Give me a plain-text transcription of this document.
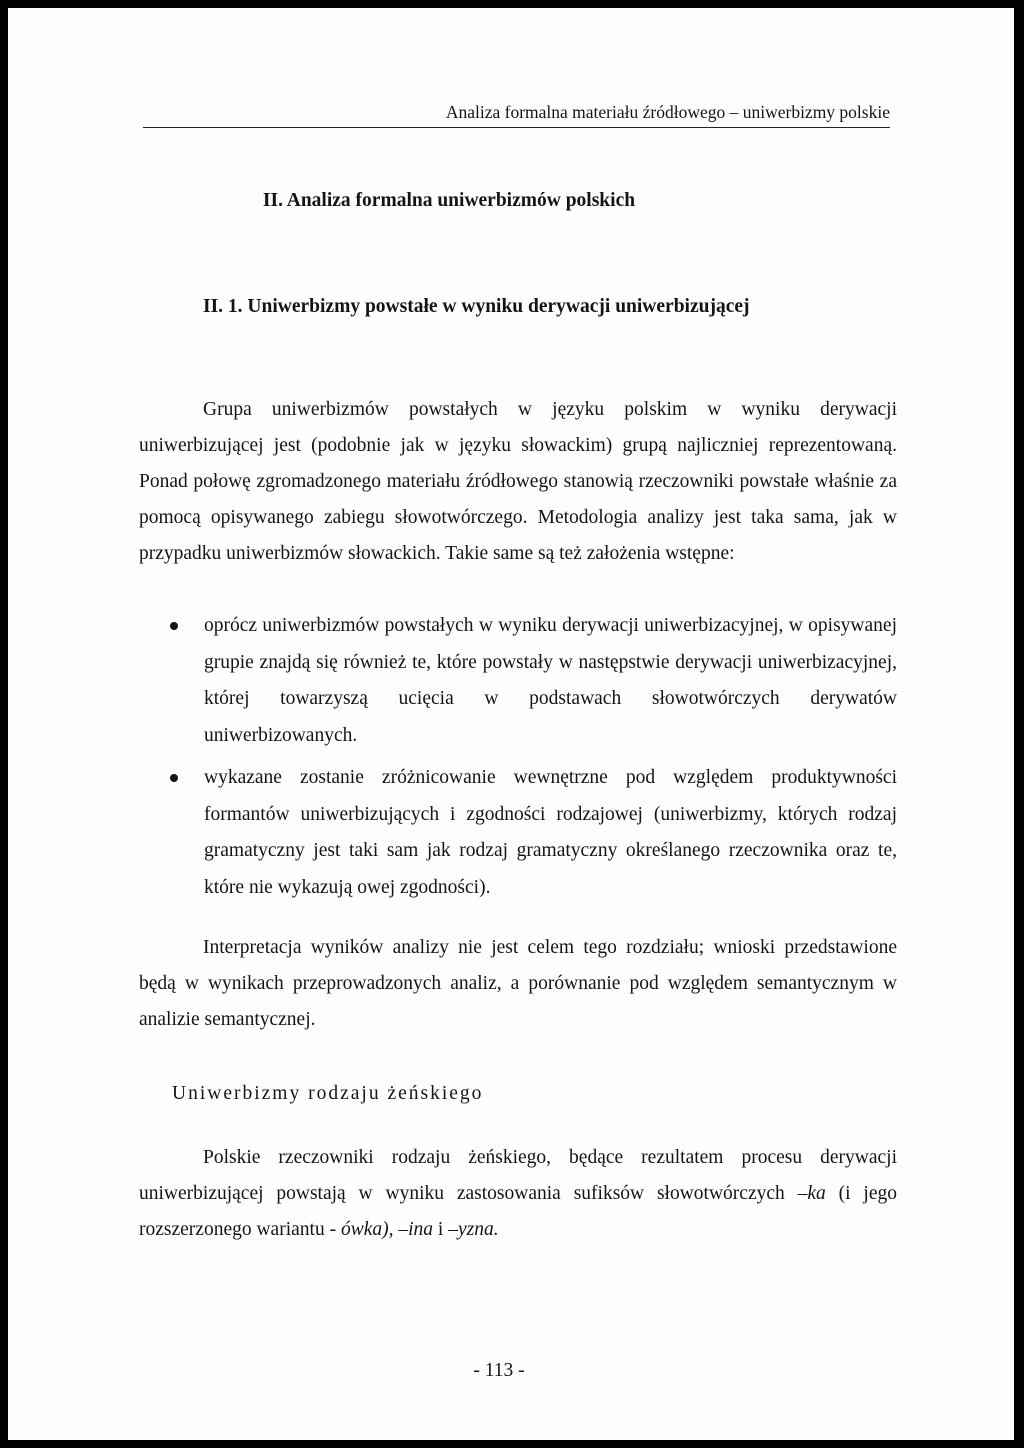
Analiza formalna materiału źródłowego – uniwerbizmy polskie
II. Analiza formalna uniwerbizmów polskich
II. 1. Uniwerbizmy powstałe w wyniku derywacji uniwerbizującej

Grupa uniwerbizmów powstałych w języku polskim w wyniku derywacji uniwerbizującej jest (podobnie jak w języku słowackim) grupą najliczniej reprezentowaną. Ponad połowę zgromadzonego materiału źródłowego stanowią rzeczowniki powstałe właśnie za pomocą opisywanego zabiegu słowotwórczego. Metodologia analizy jest taka sama, jak w przypadku uniwerbizmów słowackich. Takie same są też założenia wstępne:

oprócz uniwerbizmów powstałych w wyniku derywacji uniwerbizacyjnej, w opisywanej grupie znajdą się również te, które powstały w następstwie derywacji uniwerbizacyjnej, której towarzyszą ucięcia w podstawach słowotwórczych derywatów uniwerbizowanych.
wykazane zostanie zróżnicowanie wewnętrzne pod względem produktywności formantów uniwerbizujących i zgodności rodzajowej (uniwerbizmy, których rodzaj gramatyczny jest taki sam jak rodzaj gramatyczny określanego rzeczownika oraz te, które nie wykazują owej zgodności).

Interpretacja wyników analizy nie jest celem tego rozdziału; wnioski przedstawione będą w wynikach przeprowadzonych analiz, a porównanie pod względem semantycznym w analizie semantycznej.

Uniwerbizmy rodzaju żeńskiego

Polskie rzeczowniki rodzaju żeńskiego, będące rezultatem procesu derywacji uniwerbizującej powstają w wyniku zastosowania sufiksów słowotwórczych –ka (i jego rozszerzonego wariantu - ówka), –ina i –yzna.

- 113 -
